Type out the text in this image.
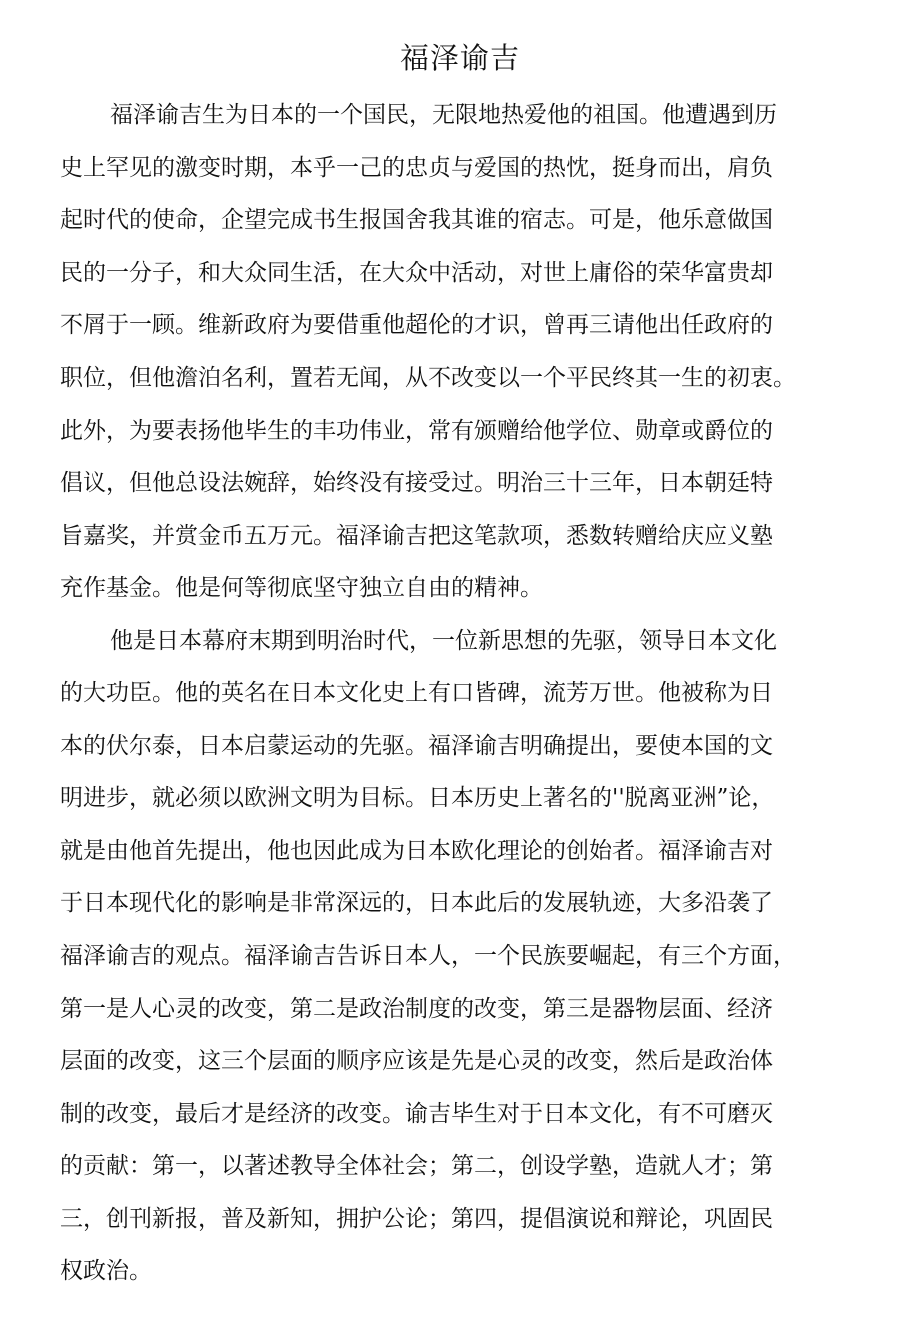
福泽谕吉

福泽谕吉生为日本的一个国民，无限地热爱他的祖国。他遭遇到历

史上罕见的激变时期，本乎一己的忠贞与爱国的热忱，挺身而出，肩负

起时代的使命，企望完成书生报国舍我其谁的宿志。可是，他乐意做国

民的一分子，和大众同生活，在大众中活动，对世上庸俗的荣华富贵却

不屑于一顾。维新政府为要借重他超伦的才识，曾再三请他出任政府的

职位，但他澹泊名利，置若无闻，从不改变以一个平民终其一生的初衷。

此外，为要表扬他毕生的丰功伟业，常有颁赠给他学位、勋章或爵位的

倡议，但他总设法婉辞，始终没有接受过。明治三十三年，日本朝廷特

旨嘉奖，并赏金币五万元。福泽谕吉把这笔款项，悉数转赠给庆应义塾

充作基金。他是何等彻底坚守独立自由的精神。

他是日本幕府末期到明治时代，一位新思想的先驱，领导日本文化

的大功臣。他的英名在日本文化史上有口皆碑，流芳万世。他被称为日

本的伏尔泰，日本启蒙运动的先驱。福泽谕吉明确提出，要使本国的文

明进步，就必须以欧洲文明为目标。日本历史上著名的''脱离亚洲”论，

就是由他首先提出，他也因此成为日本欧化理论的创始者。福泽谕吉对

于日本现代化的影响是非常深远的，日本此后的发展轨迹，大多沿袭了

福泽谕吉的观点。福泽谕吉告诉日本人，一个民族要崛起，有三个方面，

第一是人心灵的改变，第二是政治制度的改变，第三是器物层面、经济

层面的改变，这三个层面的顺序应该是先是心灵的改变，然后是政治体

制的改变，最后才是经济的改变。谕吉毕生对于日本文化，有不可磨灭

的贡献：第一，以著述教导全体社会；第二，创设学塾，造就人才；第

三，创刊新报，普及新知，拥护公论；第四，提倡演说和辩论，巩固民

权政治。
